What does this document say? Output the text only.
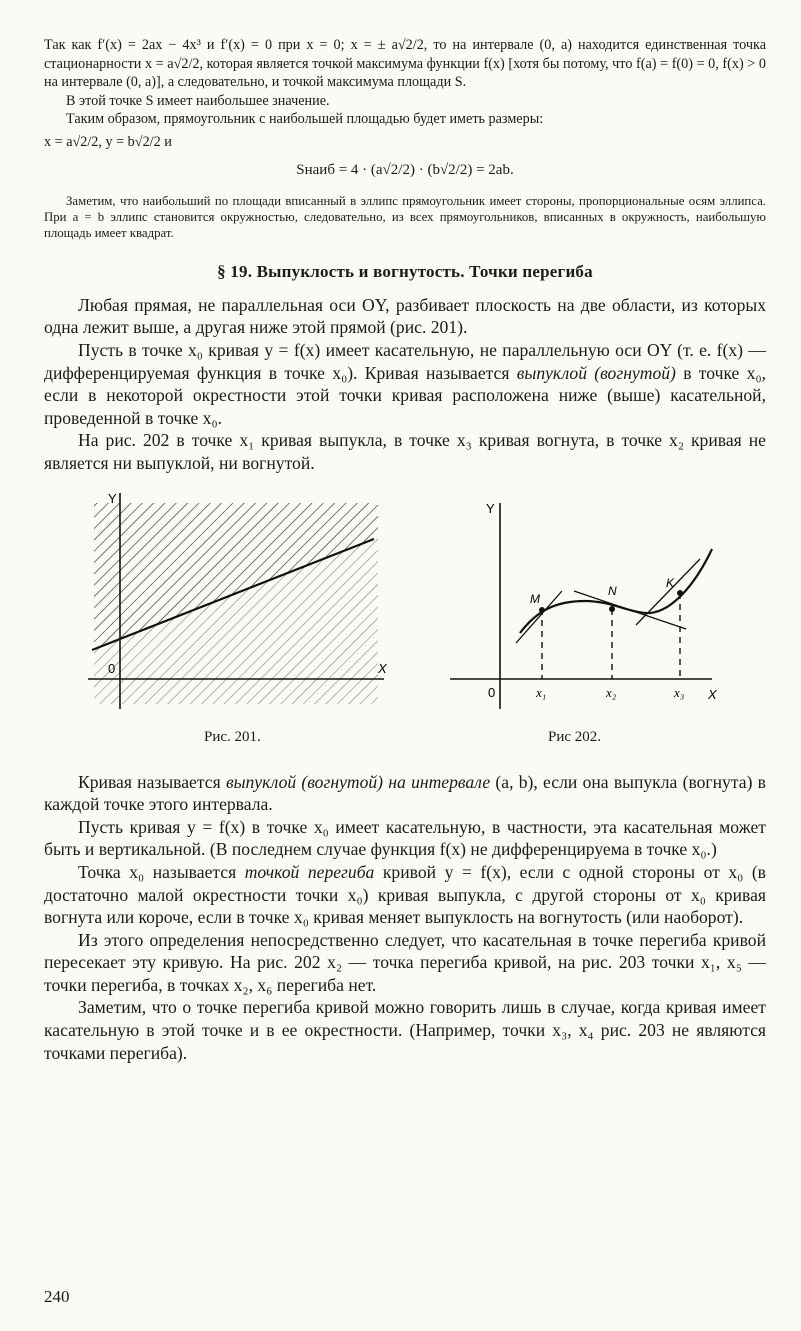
Так как f′(x) = 2ax − 4x³ и f′(x) = 0 при x = 0; x = ± a√2/2, то на интервале (0, a) находится единственная точка стационарности x = a√2/2, которая является точкой максимума функции f(x) [хотя бы потому, что f(a) = f(0) = 0, f(x) > 0 на интервале (0, a)], а следовательно, и точкой максимума площади S.

В этой точке S имеет наибольшее значение.

Таким образом, прямоугольник с наибольшей площадью будет иметь размеры:

x = a√2/2, y = b√2/2 и
Sнаиб = 4 · (a√2/2) · (b√2/2) = 2ab.

Заметим, что наибольший по площади вписанный в эллипс прямоугольник имеет стороны, пропорциональные осям эллипса. При a = b эллипс становится окружностью, следовательно, из всех прямоугольников, вписанных в окружность, наибольшую площадь имеет квадрат.

§ 19. Выпуклость и вогнутость. Точки перегиба

Любая прямая, не параллельная оси OY, разбивает плоскость на две области, из которых одна лежит выше, а другая ниже этой прямой (рис. 201).

Пусть в точке x₀ кривая y = f(x) имеет касательную, не параллельную оси OY (т. е. f(x) — дифференцируемая функция в точке x₀). Кривая называется выпуклой (вогнутой) в точке x₀, если в некоторой окрестности этой точки кривая расположена ниже (выше) касательной, проведенной в точке x₀.

На рис. 202 в точке x₁ кривая выпукла, в точке x₃ кривая вогнута, в точке x₂ кривая не является ни выпуклой, ни вогнутой.

Y
X
0
M
N
K
Y
X
0	x₁	x₂	x₃
Рис. 201.	Рис 202.

Кривая называется выпуклой (вогнутой) на интервале (a, b), если она выпукла (вогнута) в каждой точке этого интервала.

Пусть кривая y = f(x) в точке x₀ имеет касательную, в частности, эта касательная может быть и вертикальной. (В последнем случае функция f(x) не дифференцируема в точке x₀.)

Точка x₀ называется точкой перегиба кривой y = f(x), если с одной стороны от x₀ (в достаточно малой окрестности точки x₀) кривая выпукла, с другой стороны от x₀ кривая вогнута или короче, если в точке x₀ кривая меняет выпуклость на вогнутость (или наоборот).

Из этого определения непосредственно следует, что касательная в точке перегиба кривой пересекает эту кривую. На рис. 202 x₂ — точка перегиба кривой, на рис. 203 точки x₁, x₅ — точки перегиба, в точках x₂, x₆ перегиба нет.

Заметим, что о точке перегиба кривой можно говорить лишь в случае, когда кривая имеет касательную в этой точке и в ее окрестности. (Например, точки x₃, x₄ рис. 203 не являются точками перегиба).

240
